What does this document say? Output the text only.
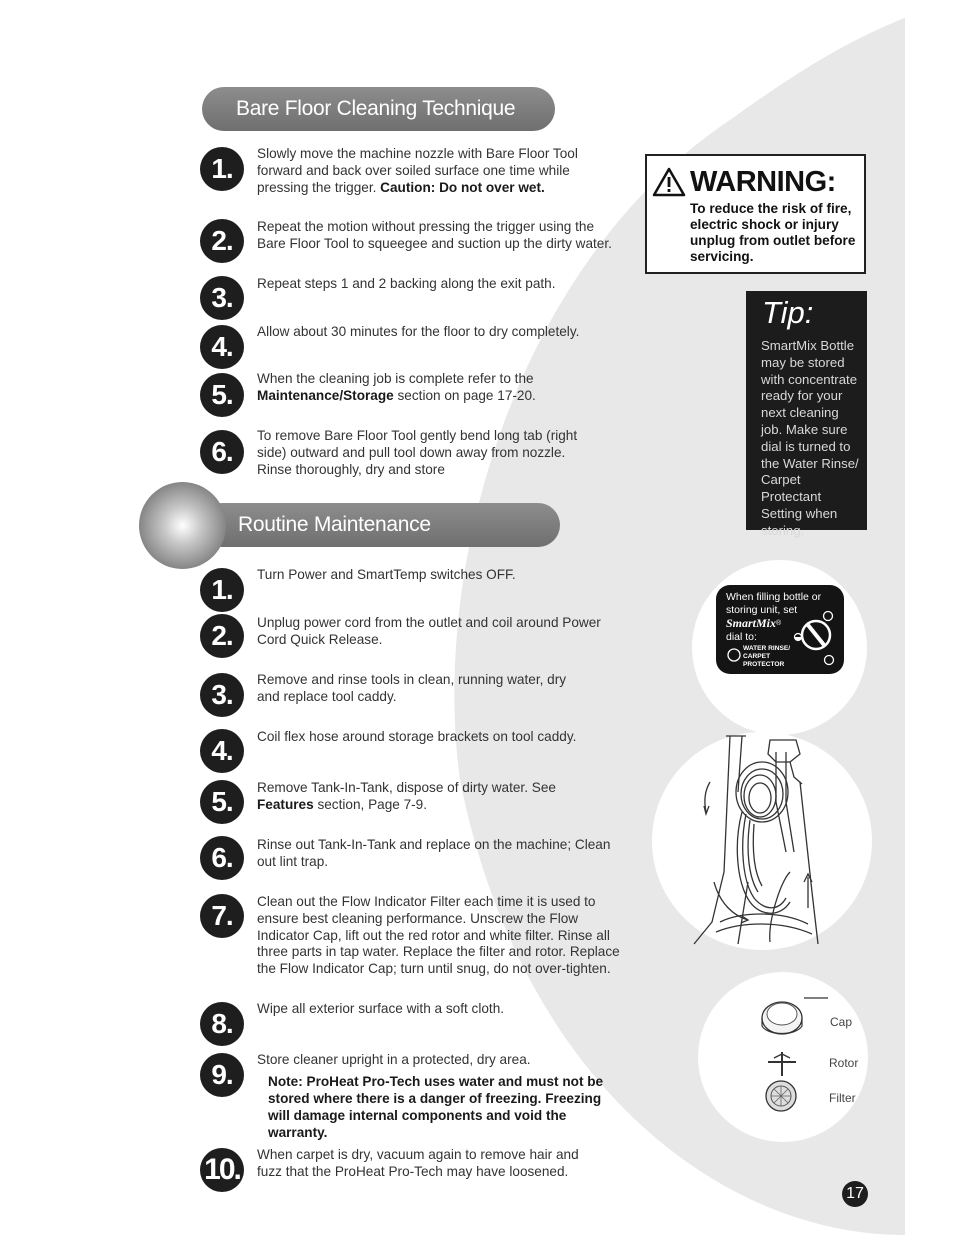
Bare Floor Cleaning Technique
1.	Slowly move the machine nozzle with Bare Floor Tool forward and back over soiled surface one time while pressing the trigger. Caution: Do not over wet.
2.	Repeat the motion without pressing the trigger using the Bare Floor Tool to squeegee and suction up the dirty water.
3.	Repeat steps 1 and 2 backing along the exit path.
4.	Allow about 30 minutes for the floor to dry completely.
5.
When the cleaning job is complete refer to the Maintenance/Storage section on page 17-20.
6.
To remove Bare Floor Tool gently bend long tab (right side) outward and pull tool down away from nozzle. Rinse thoroughly, dry and store
Routine Maintenance
1.	Turn Power and SmartTemp switches OFF.
2.	Unplug power cord from the outlet and coil around Power Cord Quick Release.
3.	Remove and rinse tools in clean, running water, dry and replace tool caddy.
4.	Coil flex hose around storage brackets on tool caddy.
5.	Remove Tank-In-Tank, dispose of dirty water. See Features section, Page 7-9.
6.	Rinse out Tank-In-Tank and replace on the machine; Clean out lint trap.
7.	Clean out the Flow Indicator Filter each time it is used to ensure best cleaning performance. Unscrew the Flow Indicator Cap, lift out the red rotor and white filter. Rinse all three parts in tap water. Replace the filter and rotor. Replace the Flow Indicator Cap; turn until snug, do not over-tighten.
8.	Wipe all exterior surface with a soft cloth.
9.	Store cleaner upright in a protected, dry area.
Note: ProHeat Pro-Tech uses water and must not be stored where there is a danger of freezing. Freezing will damage internal components and void the warranty.
10.	When carpet is dry, vacuum again to remove hair and fuzz that the ProHeat Pro-Tech may have loosened.
WARNING:
To reduce the risk of fire, electric shock or injury unplug from outlet before servicing.
Tip:
SmartMix Bottle may be stored with concentrate ready for your next cleaning job. Make sure dial is turned to the Water Rinse/ Carpet Protectant Setting when storing.
When filling bottle or storing unit, set
SmartMix®
dial to:
WATER RINSE/
CARPET
PROTECTOR
Cap
Rotor
Filter
17
